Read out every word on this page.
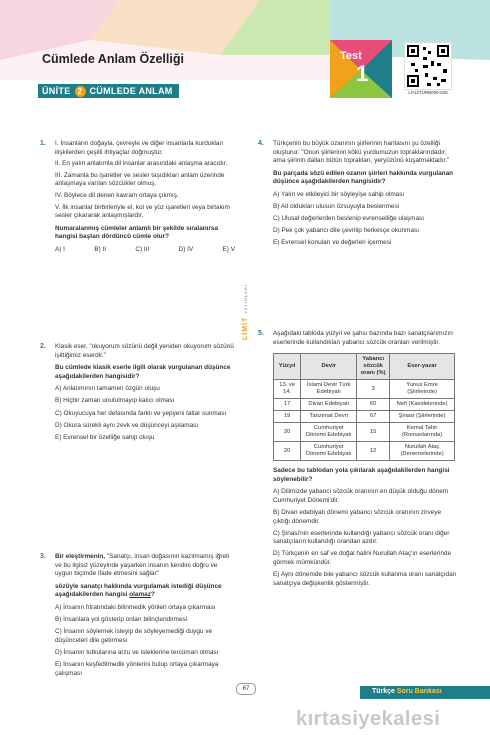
Cümlede Anlam Özelliği
ÜNİTE 2 CÜMLEDE ANLAM
Test
1
LP12TURB000-028
1. I. İnsanların doğayla, çevreyle ve diğer insanlarla kurdukları ilişkilerden çeşitli ihtiyaçlar doğmuştur.
II. En yalın anlatımla dil insanlar arasındaki anlaşma aracıdır.
III. Zamanla bu işaretler ve sesler taşıdıkları anlam üzerinde anlaşmaya varılan sözcükler olmuş.
IV. Böylece dil denen kavram ortaya çıkmış.
V. İlk insanlar birbirleriyle el, kol ve yüz işaretleri veya birtakım sesler çıkararak anlaşmışlardır.
Numaralanmış cümleler anlamlı bir şekilde sıralanırsa hangisi baştan dördüncü cümle olur?
A) I	B) II	C) III	D) IV	E) V
2. Klasik eser, "okuyorum sözünü değil yeniden okuyorum sözünü işittiğimiz eserdir."
Bu cümlede klasik eserle ilgili olarak vurgulanan düşünce aşağıdakilerden hangisidir?
A) Anlatımının tamamen özgün oluşu
B) Hiçbir zaman unutulmayıp kalıcı olması
C) Okuyucuya her defasında farklı ve yepyeni tatlar sunması
D) Okura sürekli aynı zevk ve düşünceyi aşılaması
E) Evrensel bir özelliğe sahip oluşu
3. Bir eleştirmenin, "Sanatçı, insan doğasının kazılmamış iğreti ve bu ilgisiz yüzeyinde yaşarken insanın kendini doğru ve uygun biçimde ifade etmesini sağlar"
sözüyle sanatçı hakkında vurgulamak istediği düşünce aşağıdakilerden hangisi olamaz?
A) İnsanın fıtratındaki bilinmedik yönleri ortaya çıkarması
B) İnsanlara yol gösterip onları bilinçlendirmesi
C) İnsanın söylemek isteyip de söyleyemediği duygu ve düşünceleri dile getirmesi
D) İnsanın tutkularına arzu ve isteklerine tercüman olması
E) İnsanın keşfedilmedik yönlerini bulup ortaya çıkarmaya çalışması
LİMİT YAYINLARI
4. Türkçenin bu büyük ozanının şiirlerinin haritasını şu özelliği oluşturur: "Onun şiirlerinin kökü yurdumuzun topraklarındadır; ama şiirinin dalları bütün toprakları, yeryüzünü kuşatmaktadır."
Bu parçada sözü edilen ozanın şiirleri hakkında vurgulanan düşünce aşağıdakilerden hangisidir?
A) Yalın ve etkileyici bir söyleyişe sahip olması
B) Ait oldukları ulusun özsuyuyla beslenmesi
C) Ulusal değerlerden beslenip evrenselliğe ulaşması
D) Pek çok yabancı dile çevrilip herkesçe okunması
E) Evrensel konuları ve değerleri içermesi
5. Aşağıdaki tabloda yüzyıl ve şahsı bazında bazı sanatçılarımızın eserlerinde kullandıkları yabancı sözcük oranları verilmiştir.
Yüzyıl	Devir	Yabancı sözcük oranı (%)	Eser-yazar
13. ve 14.	İslami Devir Türk Edebiyatı	3	Yunus Emre (Şiirlerinde)
17	Divan Edebiyatı	60	Nefi (Kasidelerinde)
19	Tanzimat Devri	67	Şinasi (Şiirlerinde)
20	Cumhuriyet Dönemi Edebiyatı	15	Kemal Tahir (Romanlarında)
20	Cumhuriyet Dönemi Edebiyatı	12	Nurullah Ataç (Denemelerinde)
Sadece bu tablodan yola çıkılarak aşağıdakilerden hangisi söylenebilir?
A) Dilimizde yabancı sözcük oranının en düşük olduğu dönem Cumhuriyet Dönemi'dir.
B) Divan edebiyatı dönemi yabancı sözcük oranının zirveye çıktığı dönemdir.
C) Şinasi'nin eserlerinde kullandığı yabancı sözcük oranı diğer sanatçıların kullandığı orandan azdır.
D) Türkçenin en saf ve doğal halini Nurullah Ataç'ın eserlerinde görmek mümkündür.
E) Aynı dönemde bile yabancı sözcük kullanma oranı sanatçıdan sanatçıya değişkenlik göstermiştir.
67	Türkçe Soru Bankası
kırtasiyekalesi
